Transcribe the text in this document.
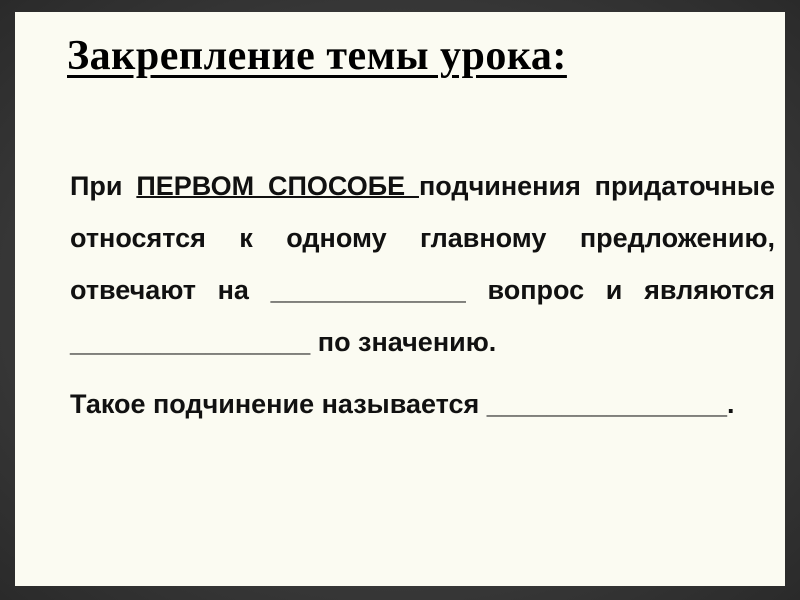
Закрепление темы урока:

При ПЕРВОМ СПОСОБЕ подчинения придаточные относятся к одному главному предложению, отвечают на _____________ вопрос и являются ________________ по значению.

Такое подчинение называется ________________.
